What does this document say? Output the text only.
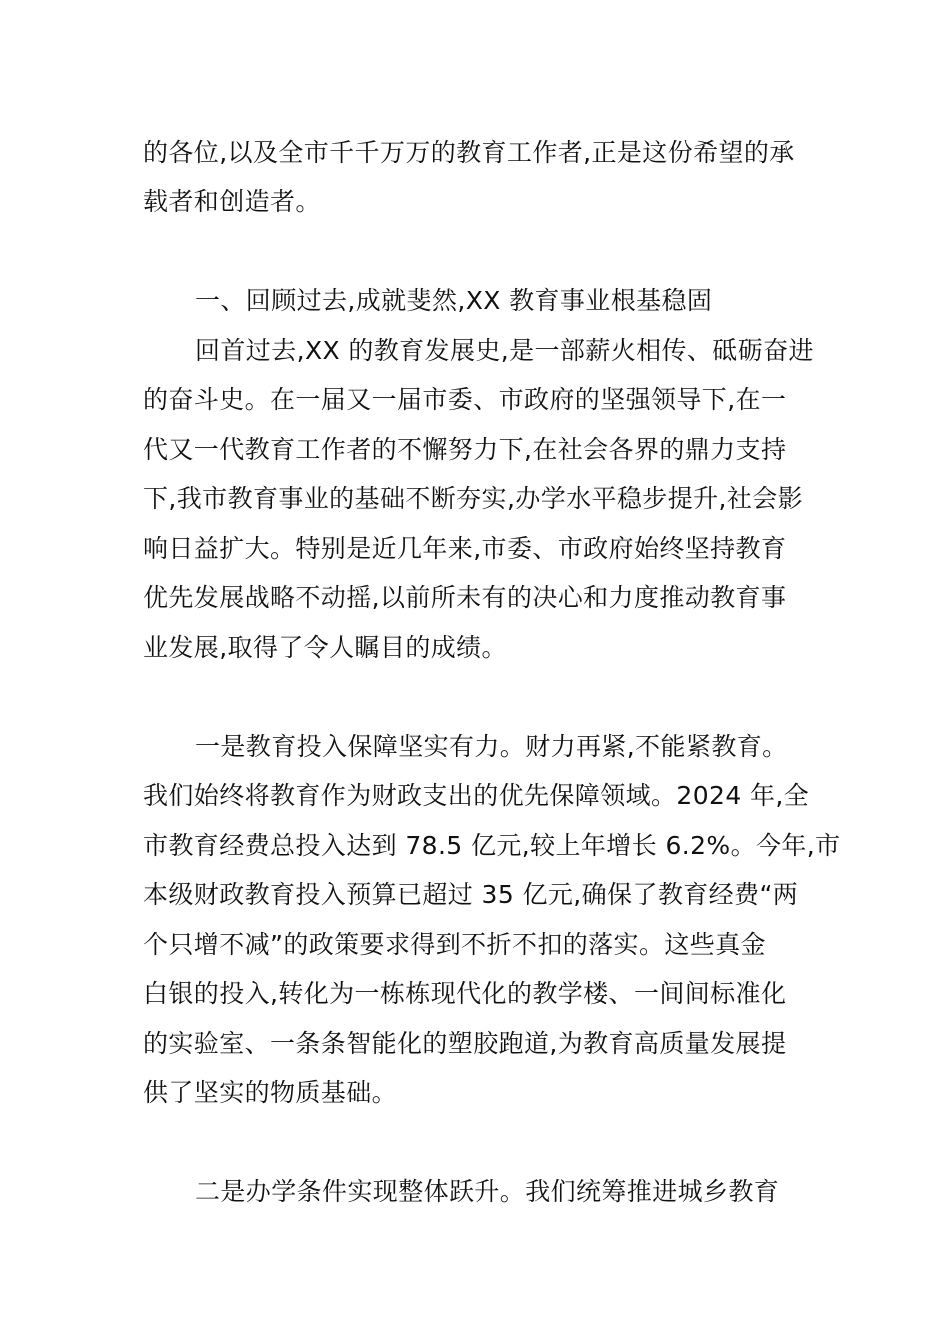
的各位,以及全市千千万万的教育工作者,正是这份希望的承
载者和创造者。
一、回顾过去,成就斐然,XX 教育事业根基稳固
回首过去,XX 的教育发展史,是一部薪火相传、砥砺奋进
的奋斗史。在一届又一届市委、市政府的坚强领导下,在一
代又一代教育工作者的不懈努力下,在社会各界的鼎力支持
下,我市教育事业的基础不断夯实,办学水平稳步提升,社会影
响日益扩大。特别是近几年来,市委、市政府始终坚持教育
优先发展战略不动摇,以前所未有的决心和力度推动教育事
业发展,取得了令人瞩目的成绩。
一是教育投入保障坚实有力。财力再紧,不能紧教育。
我们始终将教育作为财政支出的优先保障领域。2024 年,全
市教育经费总投入达到 78.5 亿元,较上年增长 6.2%。今年,市
本级财政教育投入预算已超过 35 亿元,确保了教育经费“两
个只增不减”的政策要求得到不折不扣的落实。这些真金
白银的投入,转化为一栋栋现代化的教学楼、一间间标准化
的实验室、一条条智能化的塑胶跑道,为教育高质量发展提
供了坚实的物质基础。
二是办学条件实现整体跃升。我们统筹推进城乡教育
